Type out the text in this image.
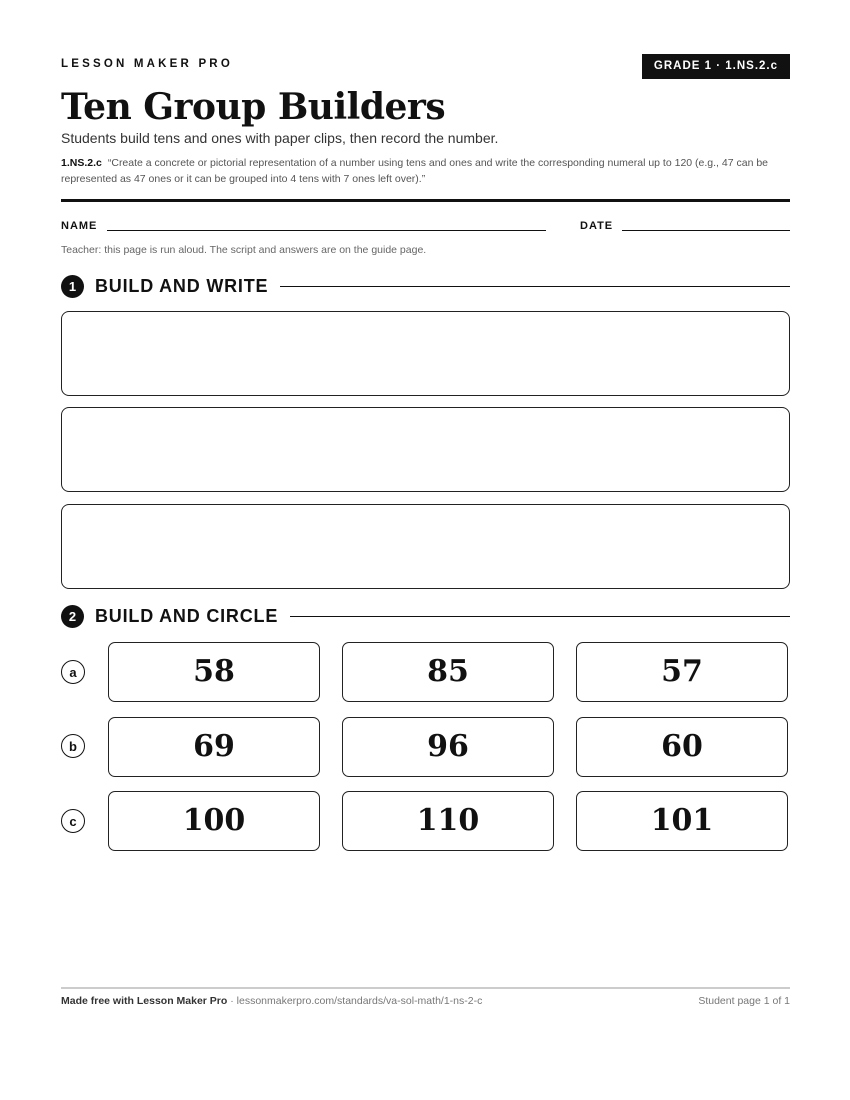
LESSON MAKER PRO	GRADE 1 · 1.NS.2.c
Ten Group Builders
Students build tens and ones with paper clips, then record the number.
1.NS.2.c “Create a concrete or pictorial representation of a number using tens and ones and write the corresponding numeral up to 120 (e.g., 47 can be represented as 47 ones or it can be grouped into 4 tens with 7 ones left over).”
NAME	DATE
Teacher: this page is run aloud. The script and answers are on the guide page.
1	BUILD AND WRITE
2	BUILD AND CIRCLE
a	58	85	57
b	69	96	60
c	100	110	101
Made free with Lesson Maker Pro · lessonmakerpro.com/standards/va-sol-math/1-ns-2-c	Student page 1 of 1
